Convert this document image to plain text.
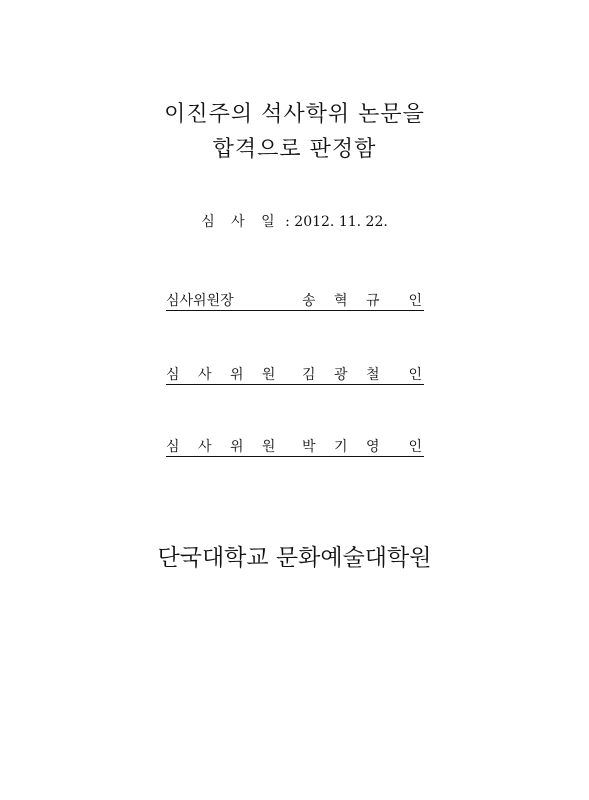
이진주의 석사학위 논문을
합격으로 판정함
심 사 일 : 2012. 11. 22.
심사위원장	송 혁 규 인
심 사 위 원 김 광 철 인
심 사 위 원 박 기 영 인
단국대학교 문화예술대학원
